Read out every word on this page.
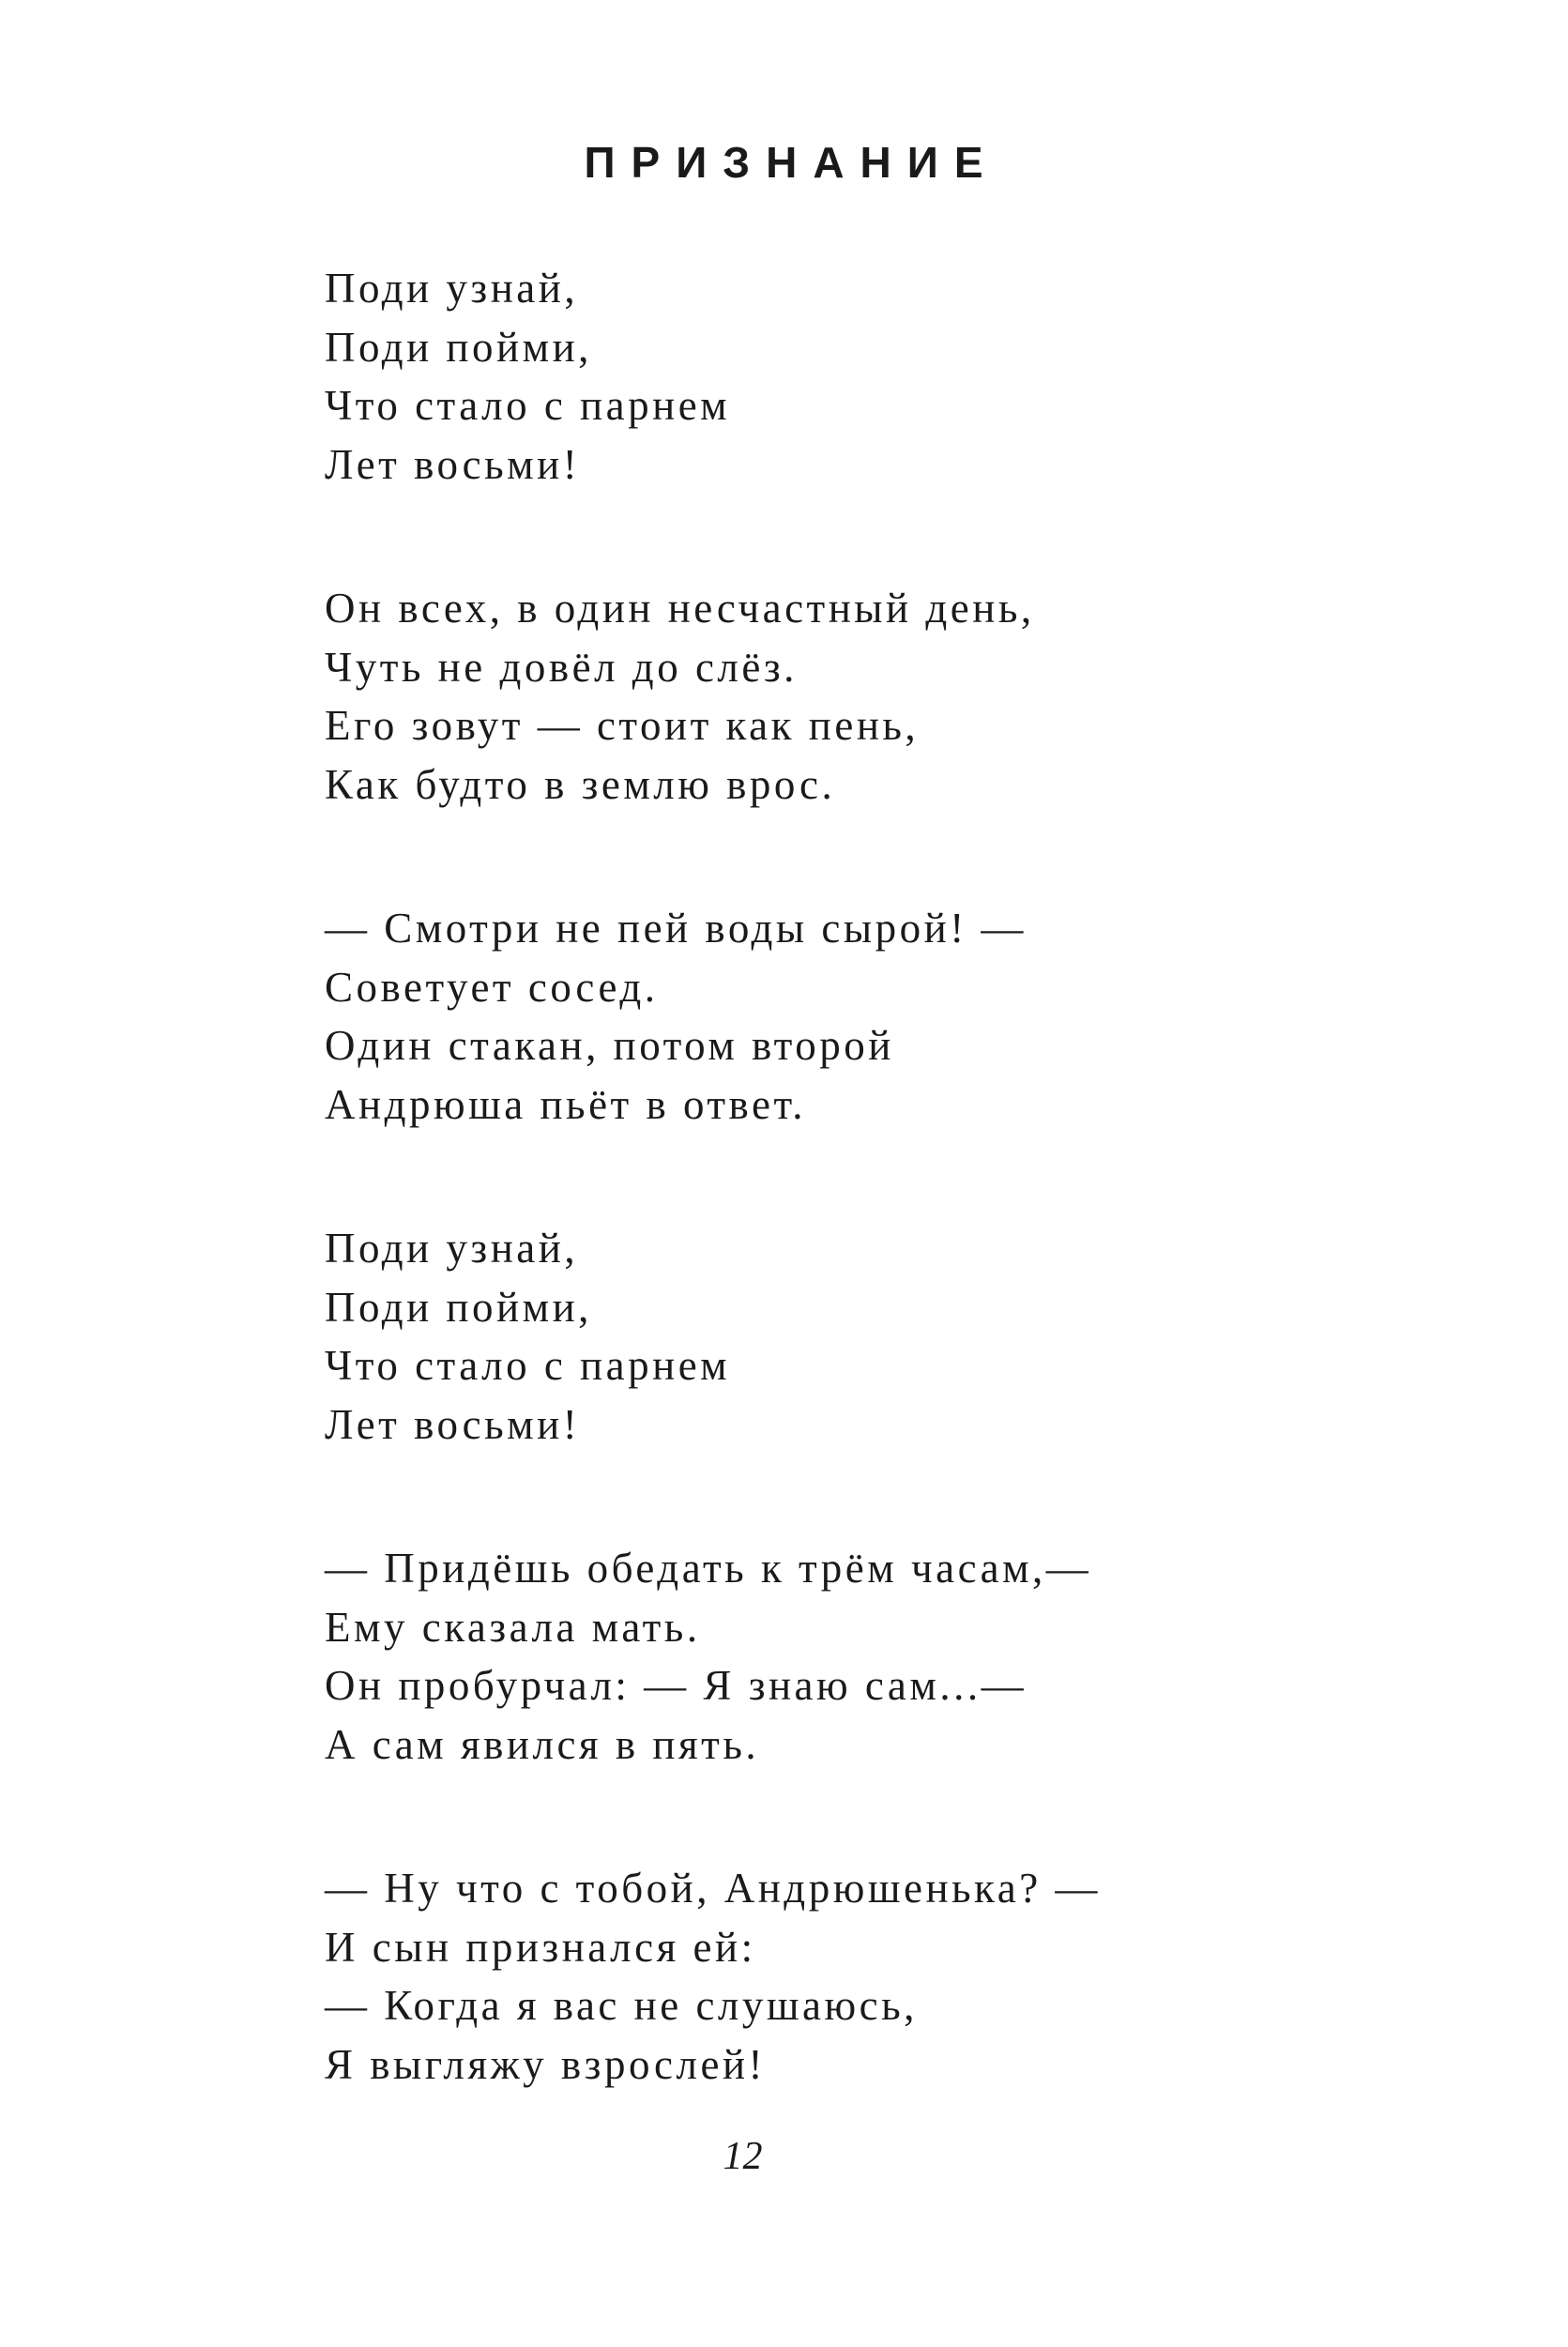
ПРИЗНАНИЕ
Поди узнай,
Поди пойми,
Что стало с парнем
Лет восьми!
Он всех, в один несчастный день,
Чуть не довёл до слёз.
Его зовут — стоит как пень,
Как будто в землю врос.
— Смотри не пей воды сырой! —
Советует сосед.
Один стакан, потом второй
Андрюша пьёт в ответ.
Поди узнай,
Поди пойми,
Что стало с парнем
Лет восьми!
— Придёшь обедать к трём часам,—
Ему сказала мать.
Он пробурчал: — Я знаю сам...—
А сам явился в пять.
— Ну что с тобой, Андрюшенька? —
И сын признался ей:
— Когда я вас не слушаюсь,
Я выгляжу взрослей!
12
